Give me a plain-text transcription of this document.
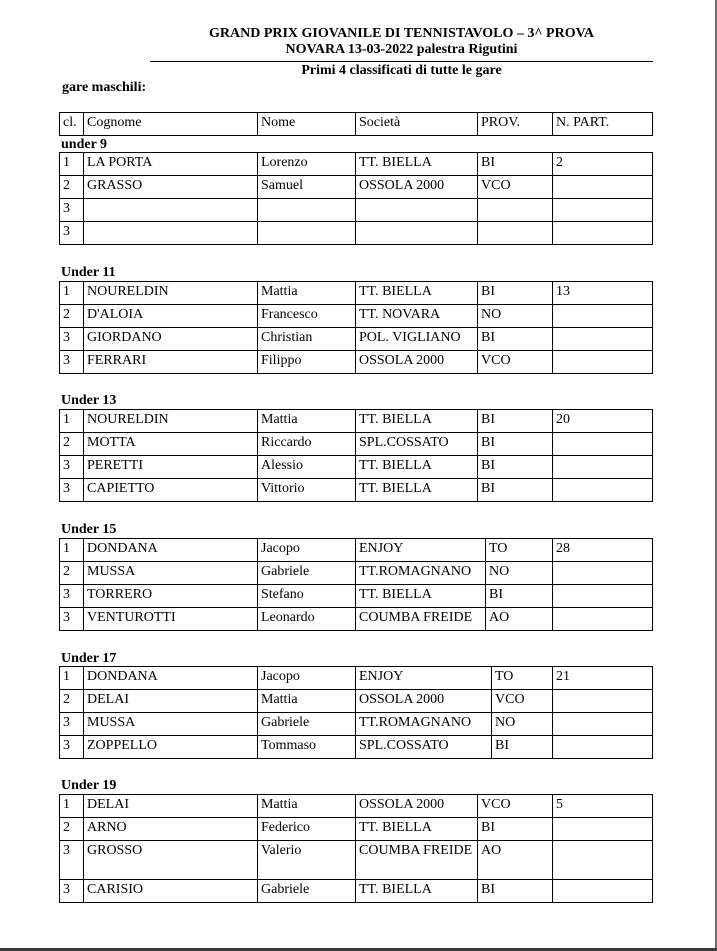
GRAND PRIX GIOVANILE DI TENNISTAVOLO – 3^ PROVA
NOVARA 13-03-2022 palestra Rigutini
Primi 4 classificati di tutte le gare
gare maschili:
cl.	Cognome	Nome	Società	PROV.	N. PART.
under 9
1	LA PORTA	Lorenzo	TT. BIELLA	BI	2
2	GRASSO	Samuel	OSSOLA 2000	VCO	
3					
3					
Under 11
1	NOURELDIN	Mattia	TT. BIELLA	BI	13
2	D'ALOIA	Francesco	TT. NOVARA	NO	
3	GIORDANO	Christian	POL. VIGLIANO	BI	
3	FERRARI	Filippo	OSSOLA 2000	VCO	
Under 13
1	NOURELDIN	Mattia	TT. BIELLA	BI	20
2	MOTTA	Riccardo	SPL.COSSATO	BI	
3	PERETTI	Alessio	TT. BIELLA	BI	
3	CAPIETTO	Vittorio	TT. BIELLA	BI	
Under 15
1	DONDANA	Jacopo	ENJOY	TO	28
2	MUSSA	Gabriele	TT.ROMAGNANO	NO	
3	TORRERO	Stefano	TT. BIELLA	BI	
3	VENTUROTTI	Leonardo	COUMBA FREIDE	AO	
Under 17
1	DONDANA	Jacopo	ENJOY	TO	21
2	DELAI	Mattia	OSSOLA 2000	VCO	
3	MUSSA	Gabriele	TT.ROMAGNANO	NO	
3	ZOPPELLO	Tommaso	SPL.COSSATO	BI	
Under 19
1	DELAI	Mattia	OSSOLA 2000	VCO	5
2	ARNO	Federico	TT. BIELLA	BI	
3	GROSSO	Valerio	COUMBA FREIDE	AO	
3	CARISIO	Gabriele	TT. BIELLA	BI	
